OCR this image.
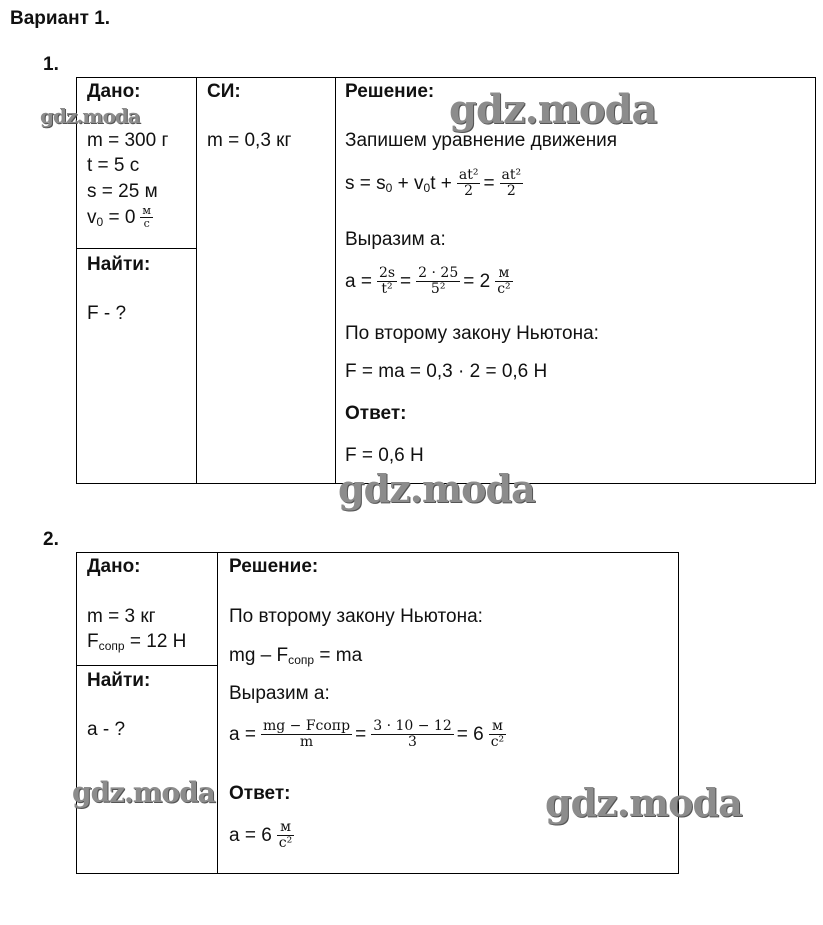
Вариант 1.
1.
Дано:
m = 300 г
t = 5 с
s = 25 м
$v_0 = 0 \frac{м}{с}$
Найти:
F - ?
СИ:
m = 0,3 кг
Решение:
Запишем уравнение движения
$s = s_0 + v_0t + \frac{\text{at²}}{2} = \frac{\text{at²}}{2}$
Выразим а:
$a = \frac{2s}{\text{t²}} = \frac{2 \cdot 25}{\text{5²}} = 2 \frac{м}{\text{с²}}$
По второму закону Ньютона:
F = ma = 0,3 · 2 = 0,6 Н
Ответ:
F = 0,6 Н
2.
Дано:
m = 3 кг
$F_{сопр} = 12$ Н
Найти:
a - ?
Решение:
По второму закону Ньютона:
mg – $F_{сопр}$ = ma
Выразим а:
$a = \frac{\text{mg − Fсопр}}{m} = \frac{3 \cdot 10 - 12}{3} = 6 \frac{м}{\text{с²}}$
Ответ:
$a = 6 \frac{м}{\text{с²}}$
gdz.moda	gdz.moda
gdz.moda
gdz.moda	gdz.moda
